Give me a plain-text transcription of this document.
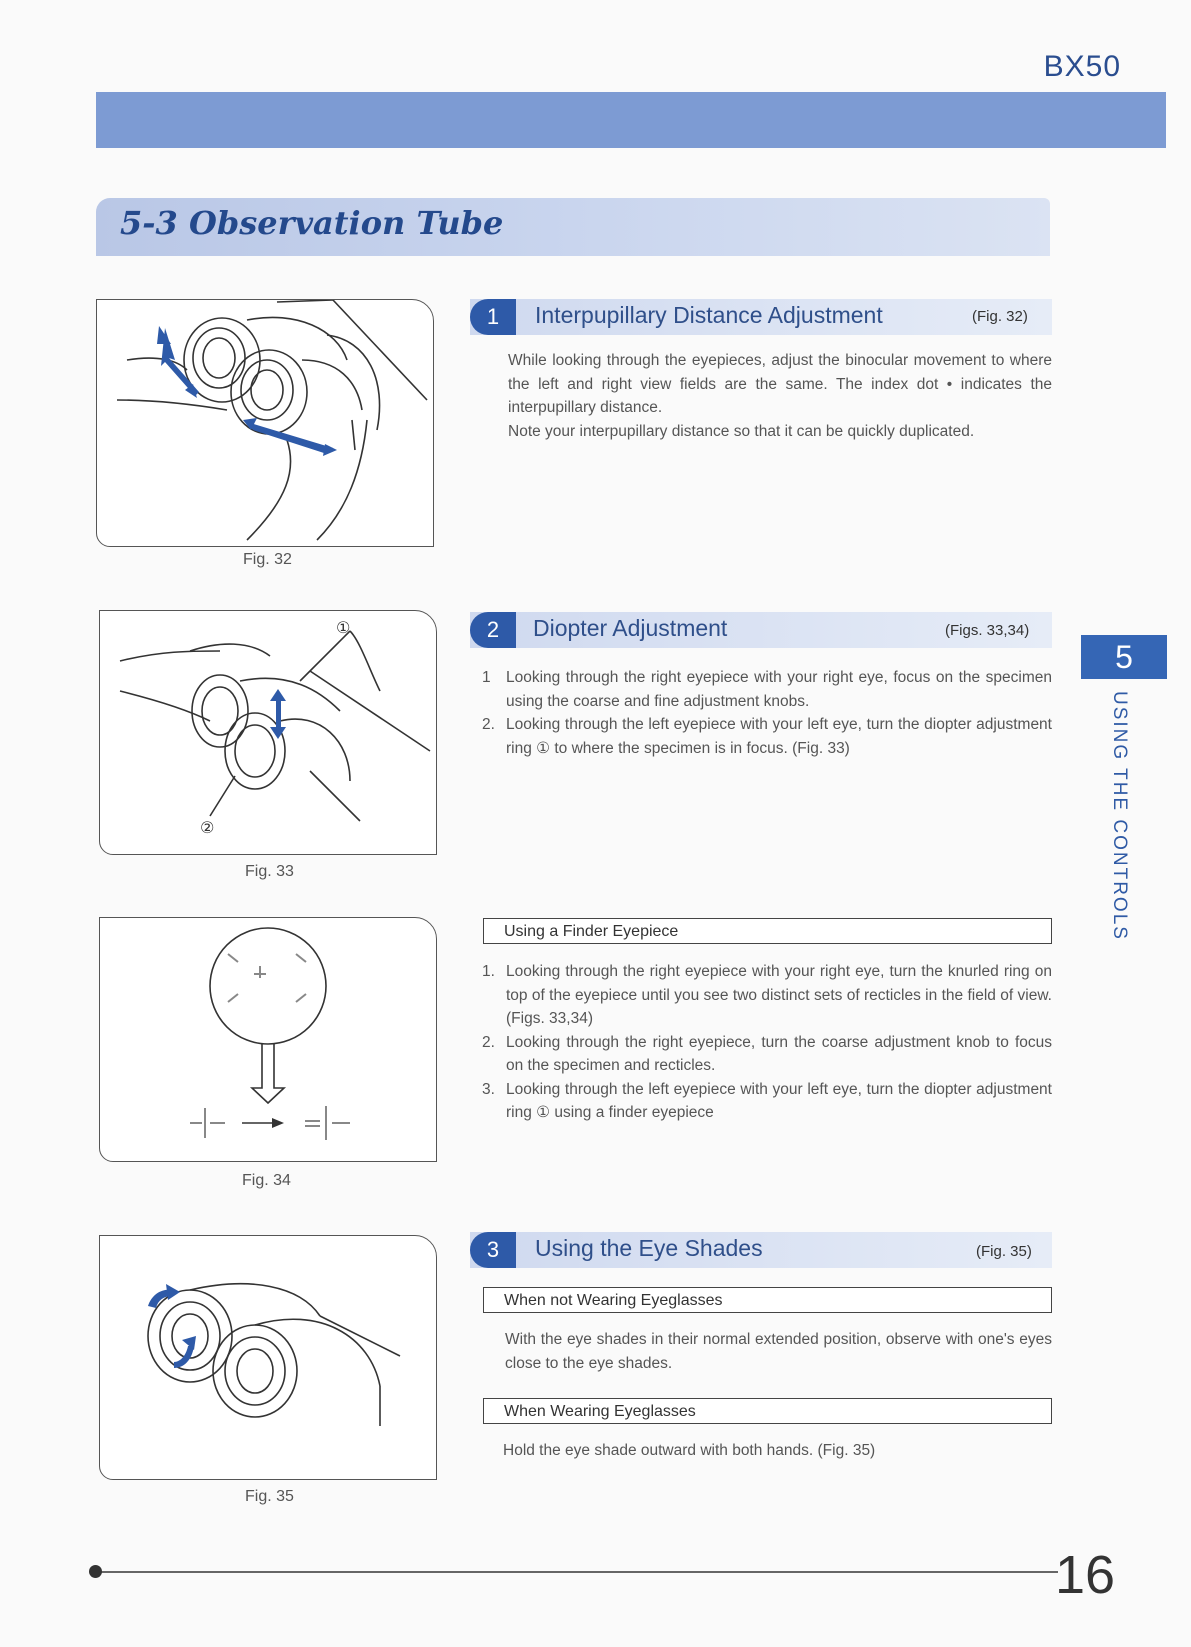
BX50
5-3 Observation Tube
5
USING THE CONTROLS
Fig. 32
1	Interpupillary Distance Adjustment	(Fig. 32)
While looking through the eyepieces, adjust the binocular movement to where the left and right view fields are the same. The index dot • indicates the interpupillary distance.
Note your interpupillary distance so that it can be quickly duplicated.
①
②
Fig. 33
2	Diopter Adjustment	(Figs. 33,34)
1 Looking through the right eyepiece with your right eye, focus on the specimen using the coarse and fine adjustment knobs.
2. Looking through the left eyepiece with your left eye, turn the diopter adjustment ring ① to where the specimen is in focus. (Fig. 33)
Fig. 34
Using a Finder Eyepiece
1. Looking through the right eyepiece with your right eye, turn the knurled ring on top of the eyepiece until you see two distinct sets of recticles in the field of view. (Figs. 33,34)
2. Looking through the right eyepiece, turn the coarse adjustment knob to focus on the specimen and recticles.
3. Looking through the left eyepiece with your left eye, turn the diopter adjustment ring ① using a finder eyepiece
Fig. 35
3	Using the Eye Shades	(Fig. 35)
When not Wearing Eyeglasses
With the eye shades in their normal extended position, observe with one's eyes close to the eye shades.
When Wearing Eyeglasses
Hold the eye shade outward with both hands. (Fig. 35)
16
